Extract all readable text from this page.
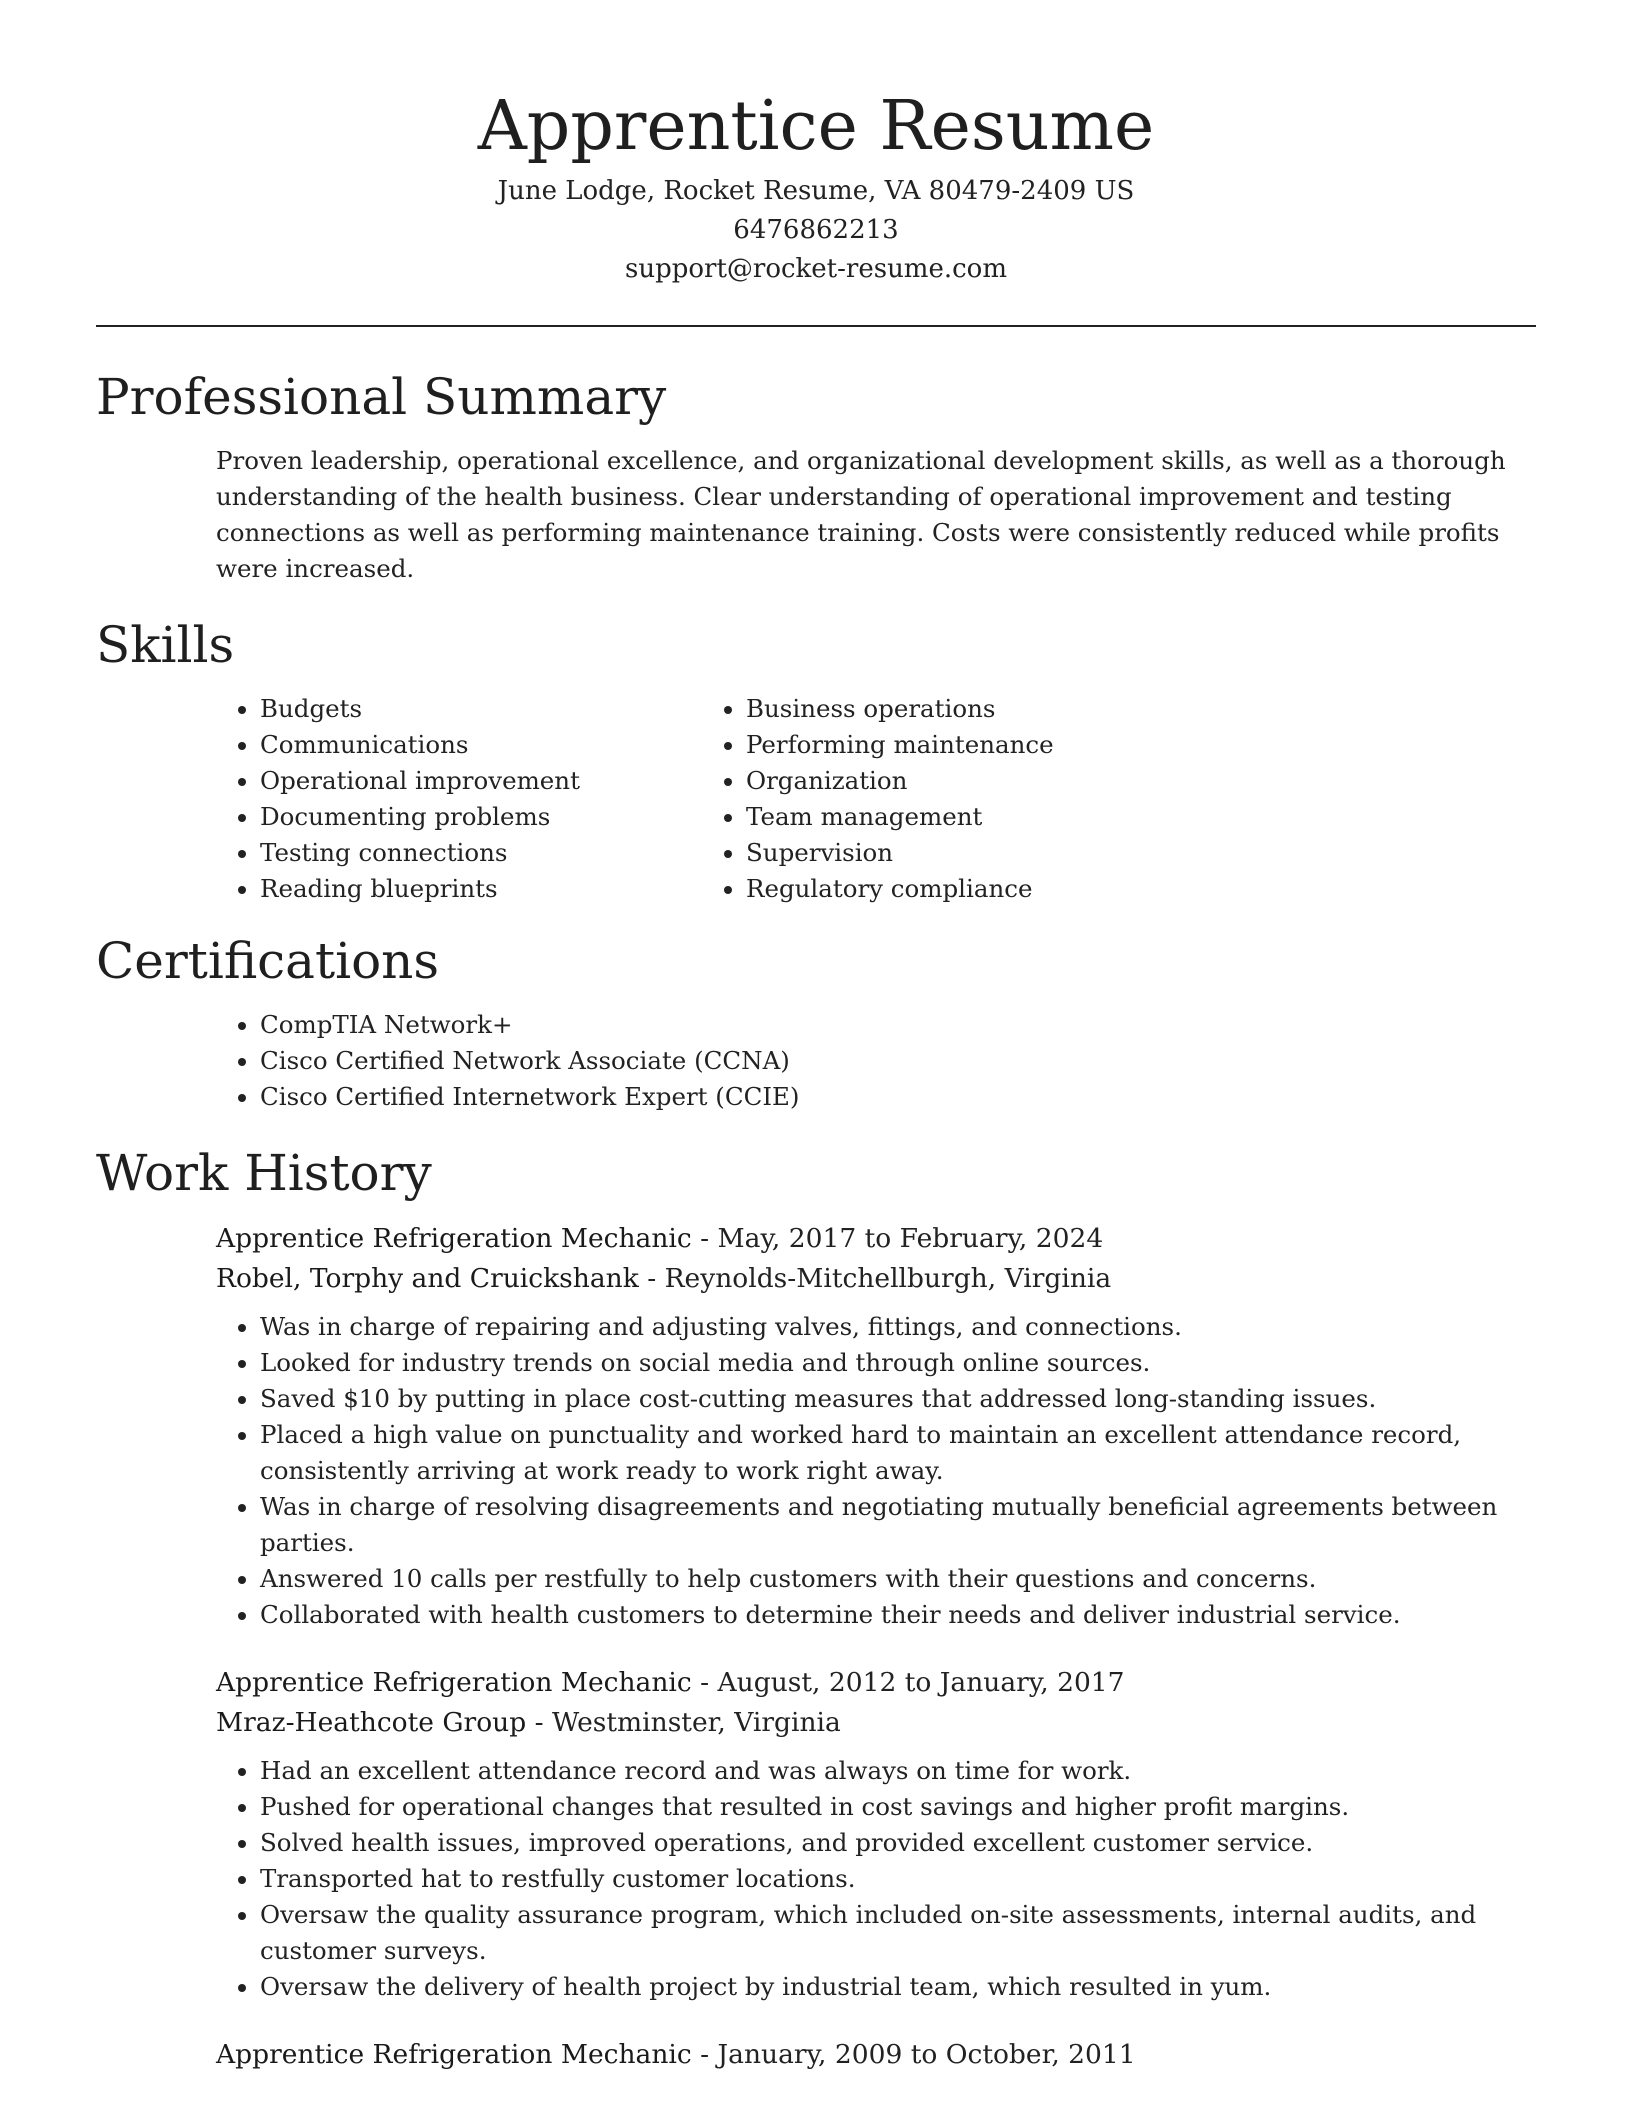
Apprentice Resume

June Lodge, Rocket Resume, VA 80479-2409 US

6476862213

support@rocket-resume.com

Professional Summary

Proven leadership, operational excellence, and organizational development skills, as well as a thorough understanding of the health business. Clear understanding of operational improvement and testing connections as well as performing maintenance training. Costs were consistently reduced while profits were increased.

Skills
• Budgets
• Communications
• Operational improvement
• Documenting problems
• Testing connections
• Reading blueprints
• Business operations
• Performing maintenance
• Organization
• Team management
• Supervision
• Regulatory compliance
Certifications
• CompTIA Network+
• Cisco Certified Network Associate (CCNA)
• Cisco Certified Internetwork Expert (CCIE)
Work History

Apprentice Refrigeration Mechanic - May, 2017 to February, 2024

Robel, Torphy and Cruickshank - Reynolds-Mitchellburgh, Virginia

• Was in charge of repairing and adjusting valves, fittings, and connections.
• Looked for industry trends on social media and through online sources.
• Saved $10 by putting in place cost-cutting measures that addressed long-standing issues.
• Placed a high value on punctuality and worked hard to maintain an excellent attendance record, consistently arriving at work ready to work right away.
• Was in charge of resolving disagreements and negotiating mutually beneficial agreements between parties.
• Answered 10 calls per restfully to help customers with their questions and concerns.
• Collaborated with health customers to determine their needs and deliver industrial service.

Apprentice Refrigeration Mechanic - August, 2012 to January, 2017

Mraz-Heathcote Group - Westminster, Virginia

• Had an excellent attendance record and was always on time for work.
• Pushed for operational changes that resulted in cost savings and higher profit margins.
• Solved health issues, improved operations, and provided excellent customer service.
• Transported hat to restfully customer locations.
• Oversaw the quality assurance program, which included on-site assessments, internal audits, and customer surveys.
• Oversaw the delivery of health project by industrial team, which resulted in yum.

Apprentice Refrigeration Mechanic - January, 2009 to October, 2011
